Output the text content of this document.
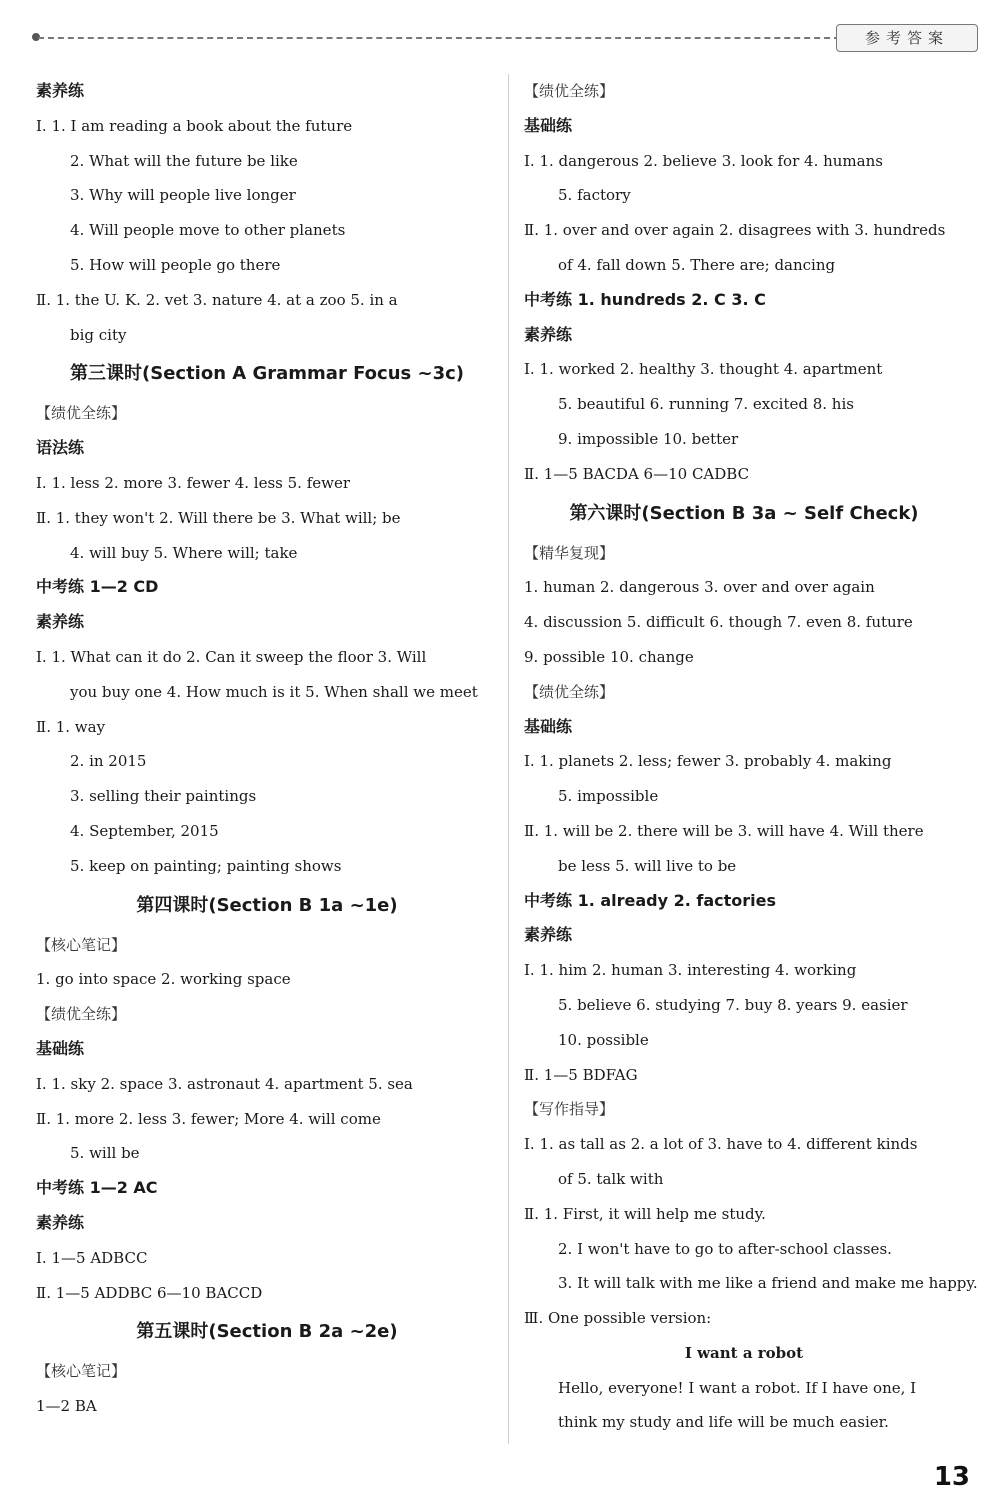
参考答案
素养练
Ⅰ. 1. I am reading a book about the future
2. What will the future be like
3. Why will people live longer
4. Will people move to other planets
5. How will people go there
Ⅱ. 1. the U. K. 2. vet 3. nature 4. at a zoo 5. in a
big city
第三课时(Section A Grammar Focus ~3c)
【绩优全练】
语法练
Ⅰ. 1. less 2. more 3. fewer 4. less 5. fewer
Ⅱ. 1. they won't 2. Will there be 3. What will; be
4. will buy 5. Where will; take
中考练 1—2 CD
素养练
Ⅰ. 1. What can it do 2. Can it sweep the floor 3. Will
you buy one 4. How much is it 5. When shall we meet
Ⅱ. 1. way
2. in 2015
3. selling their paintings
4. September, 2015
5. keep on painting; painting shows
第四课时(Section B 1a ~1e)
【核心笔记】
1. go into space 2. working space
【绩优全练】
基础练
Ⅰ. 1. sky 2. space 3. astronaut 4. apartment 5. sea
Ⅱ. 1. more 2. less 3. fewer; More 4. will come
5. will be
中考练 1—2 AC
素养练
Ⅰ. 1—5 ADBCC
Ⅱ. 1—5 ADDBC 6—10 BACCD
第五课时(Section B 2a ~2e)
【核心笔记】
1—2 BA
【绩优全练】
基础练
Ⅰ. 1. dangerous 2. believe 3. look for 4. humans
5. factory
Ⅱ. 1. over and over again 2. disagrees with 3. hundreds
of 4. fall down 5. There are; dancing
中考练 1. hundreds 2. C 3. C
素养练
Ⅰ. 1. worked 2. healthy 3. thought 4. apartment
5. beautiful 6. running 7. excited 8. his
9. impossible 10. better
Ⅱ. 1—5 BACDA 6—10 CADBC
第六课时(Section B 3a ~ Self Check)
【精华复现】
1. human 2. dangerous 3. over and over again
4. discussion 5. difficult 6. though 7. even 8. future
9. possible 10. change
【绩优全练】
基础练
Ⅰ. 1. planets 2. less; fewer 3. probably 4. making
5. impossible
Ⅱ. 1. will be 2. there will be 3. will have 4. Will there
be less 5. will live to be
中考练 1. already 2. factories
素养练
Ⅰ. 1. him 2. human 3. interesting 4. working
5. believe 6. studying 7. buy 8. years 9. easier
10. possible
Ⅱ. 1—5 BDFAG
【写作指导】
Ⅰ. 1. as tall as 2. a lot of 3. have to 4. different kinds
of 5. talk with
Ⅱ. 1. First, it will help me study.
2. I won't have to go to after-school classes.
3. It will talk with me like a friend and make me happy.
Ⅲ. One possible version:
I want a robot
Hello, everyone! I want a robot. If I have one, I
think my study and life will be much easier.
13
